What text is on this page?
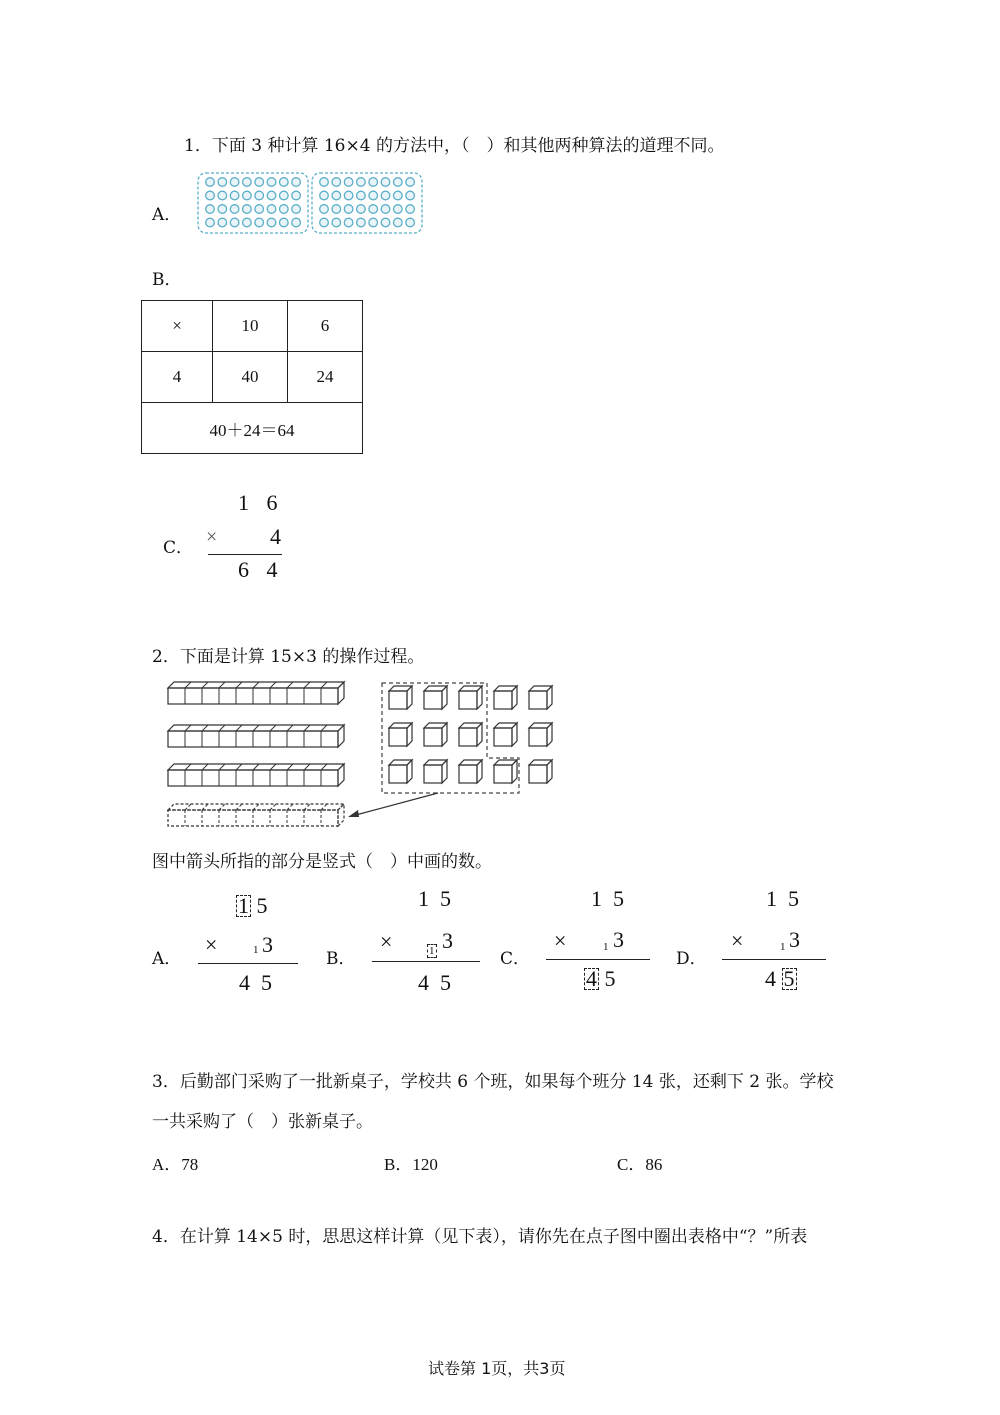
1．下面 3 种计算 16×4 的方法中，（　）和其他两种算法的道理不同。
A．
B．
×	10	6
4	40	24
40＋24＝64		
C．
1 6
× 4
6 4
2．下面是计算 15×3 的操作过程。
图中箭头所指的部分是竖式（　）中画的数。
A．
1 5
×	1 3
4 5
B．
1 5
×	1 3
4 5
C．
1 5
×	1 3
4 5
D．
1 5
×	1 3
4 5
3．后勤部门采购了一批新桌子，学校共 6 个班，如果每个班分 14 张，还剩下 2 张。学校
一共采购了（　）张新桌子。
A．78	B．120	C．86
4．在计算 14×5 时，思思这样计算（见下表），请你先在点子图中圈出表格中“？”所表
试卷第 1页，共3页
